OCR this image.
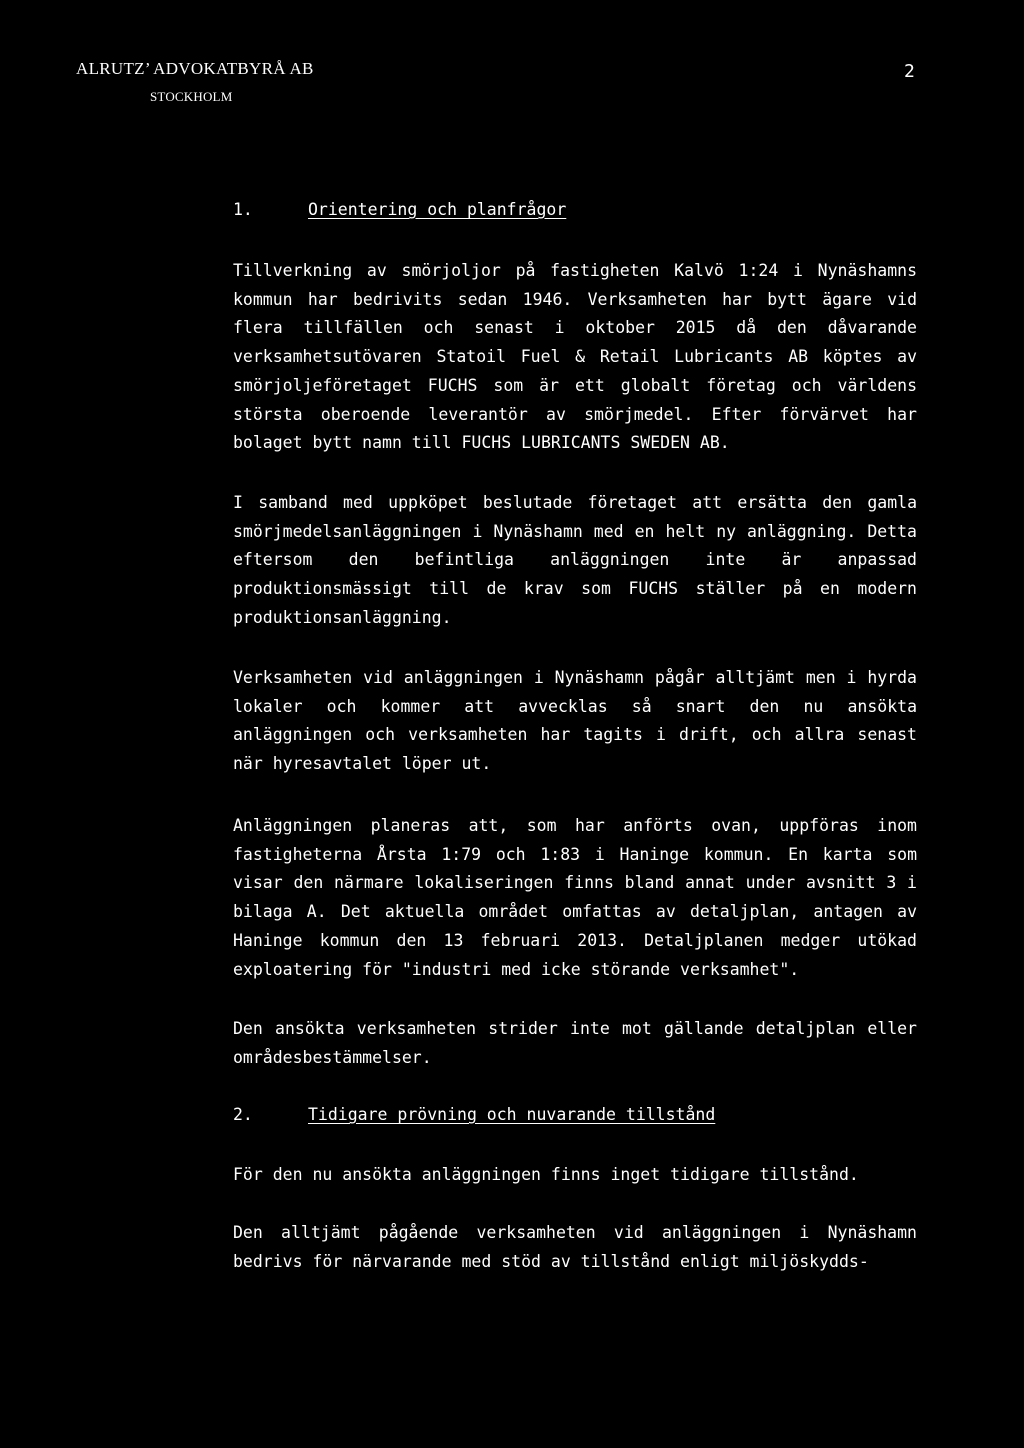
ALRUTZ’ ADVOKATBYRÅ AB
STOCKHOLM
2
1.	Orientering och planfrågor
Tillverkning av smörjoljor på fastigheten Kalvö 1:24 i Nynäshamns kommun har bedrivits sedan 1946. Verksamheten har bytt ägare vid flera tillfällen och senast i oktober 2015 då den dåvarande verksamhetsutövaren Statoil Fuel & Retail Lubricants AB köptes av smörjoljeföretaget FUCHS som är ett globalt företag och världens största oberoende leverantör av smörjmedel. Efter förvärvet har bolaget bytt namn till FUCHS LUBRICANTS SWEDEN AB.
I samband med uppköpet beslutade företaget att ersätta den gamla smörjmedelsanläggningen i Nynäshamn med en helt ny anläggning. Detta eftersom den befintliga anläggningen inte är anpassad produktionsmässigt till de krav som FUCHS ställer på en modern produktionsanläggning.
Verksamheten vid anläggningen i Nynäshamn pågår alltjämt men i hyrda lokaler och kommer att avvecklas så snart den nu ansökta anläggningen och verksamheten har tagits i drift, och allra senast när hyresavtalet löper ut.
Anläggningen planeras att, som har anförts ovan, uppföras inom fastigheterna Årsta 1:79 och 1:83 i Haninge kommun. En karta som visar den närmare lokaliseringen finns bland annat under avsnitt 3 i bilaga A. Det aktuella området omfattas av detaljplan, antagen av Haninge kommun den 13 februari 2013. Detaljplanen medger utökad exploatering för "industri med icke störande verksamhet".
Den ansökta verksamheten strider inte mot gällande detaljplan eller områdesbestämmelser.
2.	Tidigare prövning och nuvarande tillstånd
För den nu ansökta anläggningen finns inget tidigare tillstånd.
Den alltjämt pågående verksamheten vid anläggningen i Nynäshamn bedrivs för närvarande med stöd av tillstånd enligt miljöskydds-
